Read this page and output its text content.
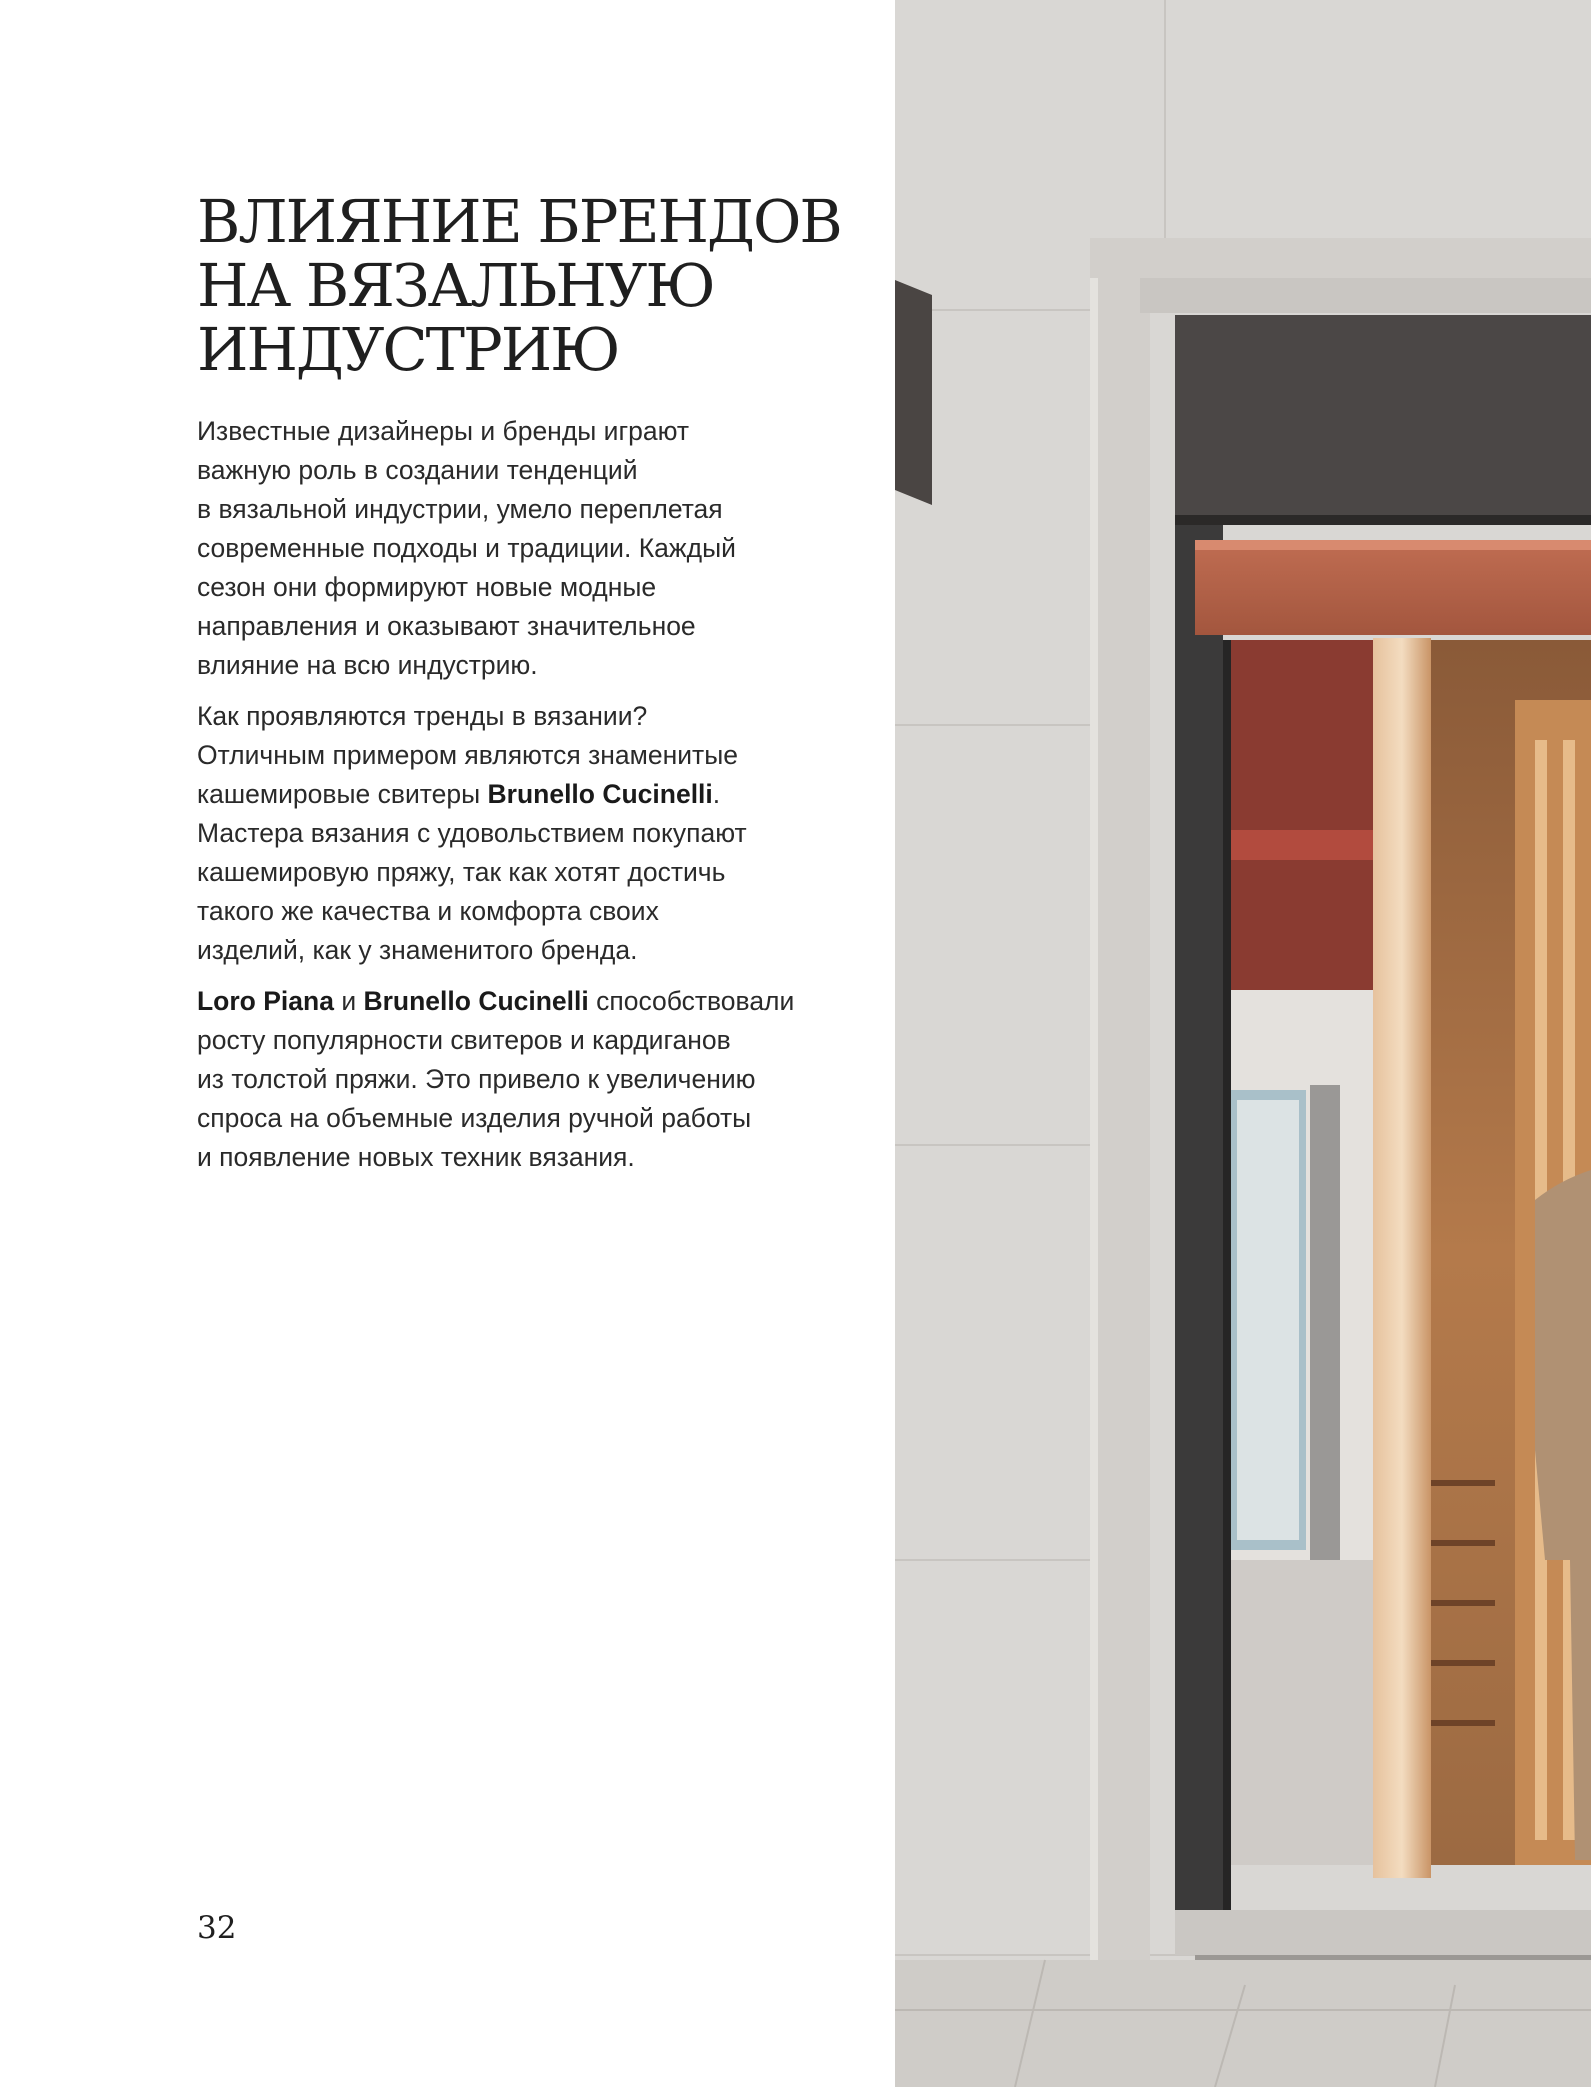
ВЛИЯНИЕ БРЕНДОВ
НА ВЯЗАЛЬНУЮ
ИНДУСТРИЮ

Известные дизайнеры и бренды играют
важную роль в создании тенденций
в вязальной индустрии, умело переплетая
современные подходы и традиции. Каждый
сезон они формируют новые модные
направления и оказывают значительное
влияние на всю индустрию.

Как проявляются тренды в вязании?
Отличным примером являются знаменитые
кашемировые свитеры Brunello Cucinelli.
Мастера вязания с удовольствием покупают
кашемировую пряжу, так как хотят достичь
такого же качества и комфорта своих
изделий, как у знаменитого бренда.

Loro Piana и Brunello Cucinelli способствовали
росту популярности свитеров и кардиганов
из толстой пряжи. Это привело к увеличению
спроса на объемные изделия ручной работы
и появление новых техник вязания.

32
